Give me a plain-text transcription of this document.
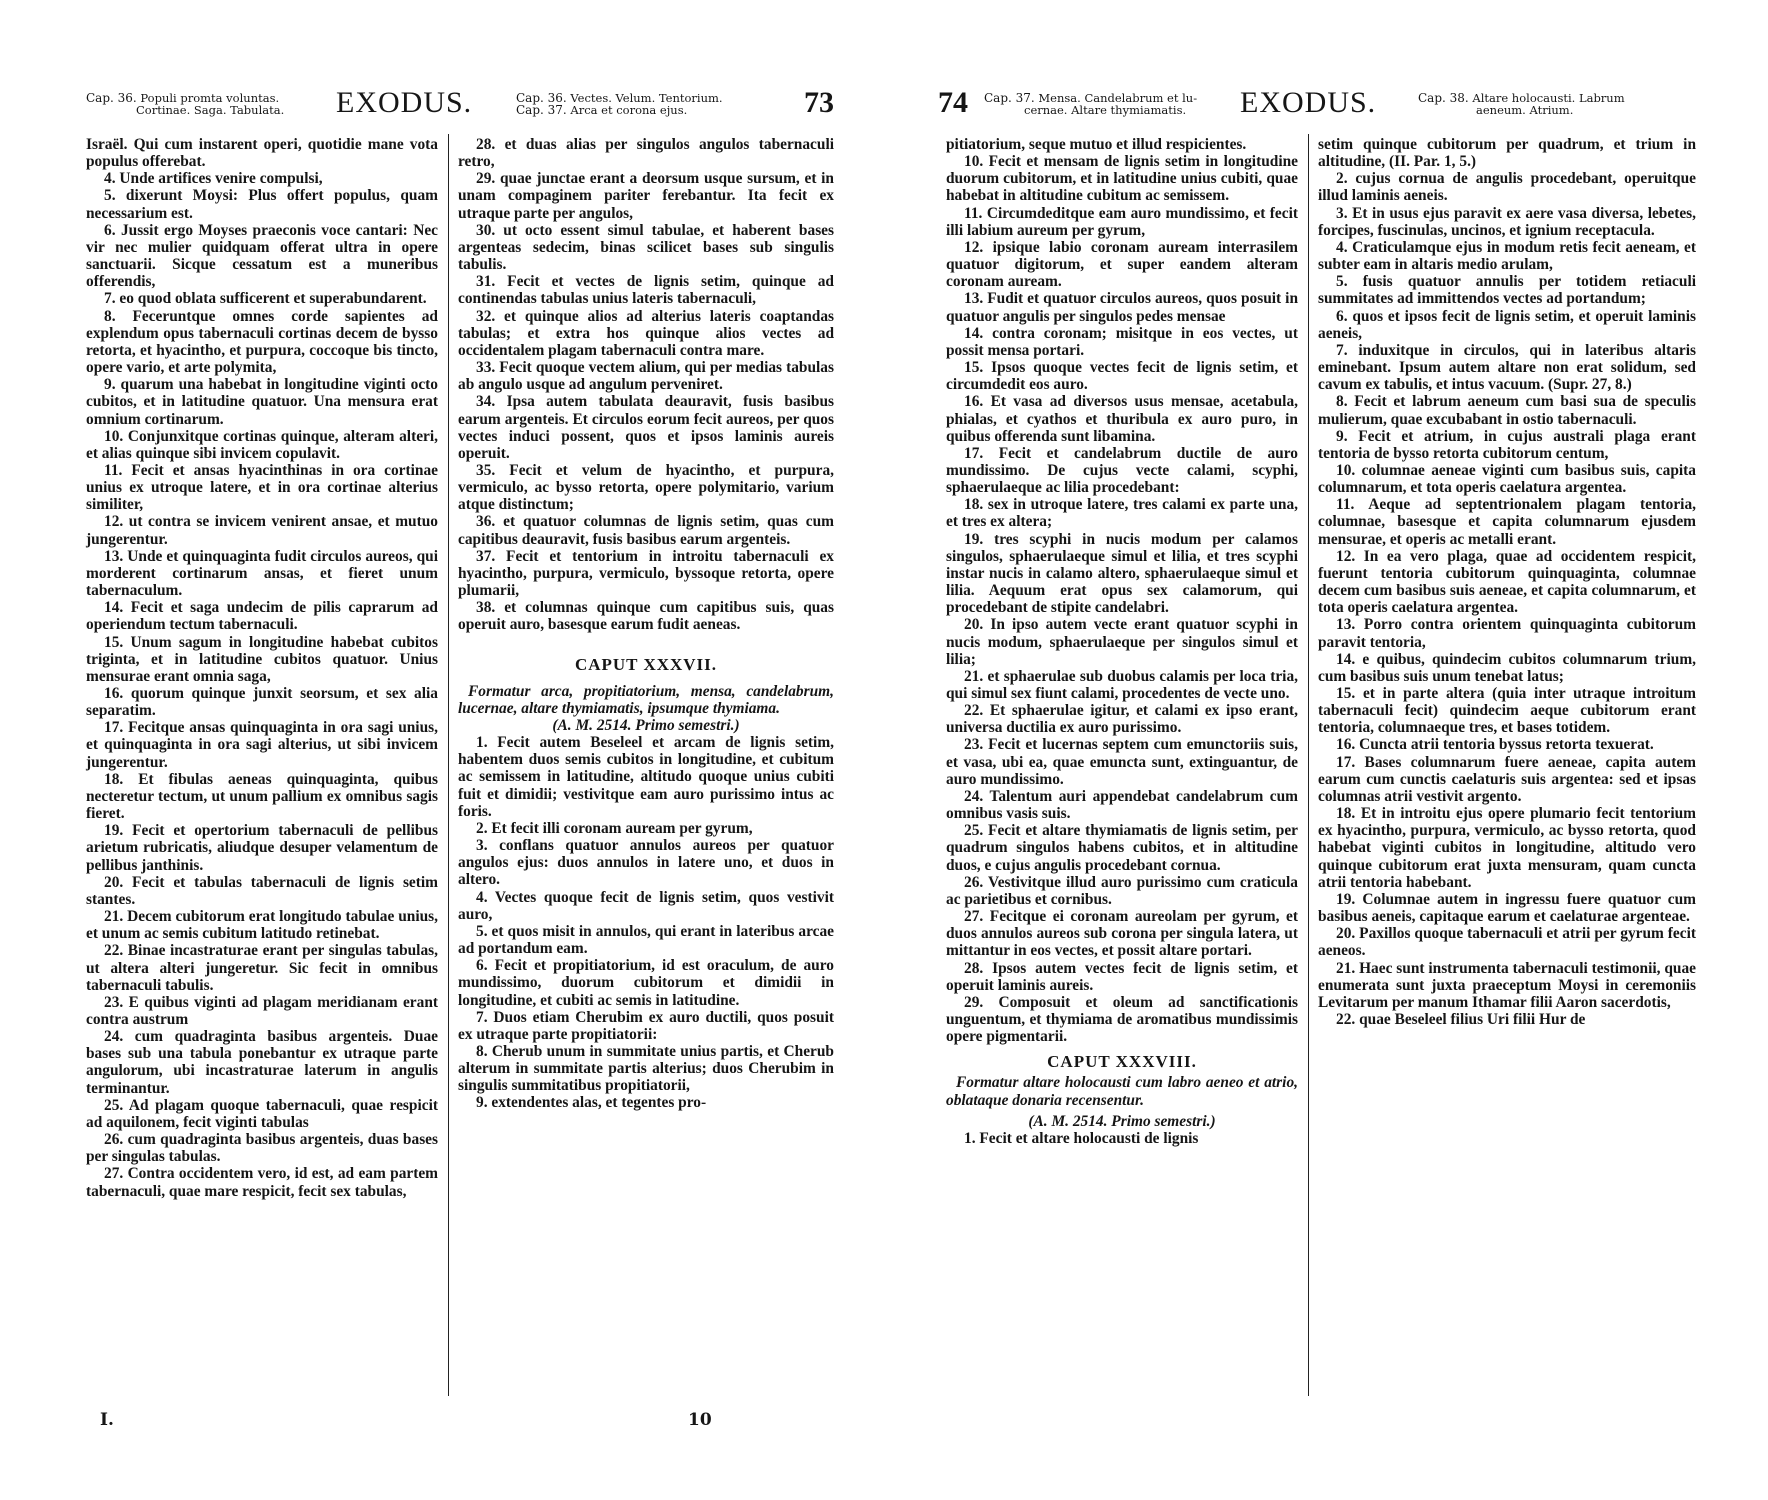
Cap. 36. Populi promta voluntas.
Cortinae. Saga. Tabulata. EXODUS.	Cap. 36. Vectes. Velum. Tentorium.
Cap. 37. Arca et corona ejus.	73

Israël. Qui cum instarent operi, quotidie mane vota populus offerebat.

4. Unde artifices venire compulsi,

5. dixerunt Moysi: Plus offert populus, quam necessarium est.

6. Jussit ergo Moyses praeconis voce cantari: Nec vir nec mulier quidquam offerat ultra in opere sanctuarii. Sicque cessatum est a muneribus offerendis,

7. eo quod oblata sufficerent et superabundarent.

8. Feceruntque omnes corde sapientes ad explendum opus tabernaculi cortinas decem de bysso retorta, et hyacintho, et purpura, coccoque bis tincto, opere vario, et arte polymita,

9. quarum una habebat in longitudine viginti octo cubitos, et in latitudine quatuor. Una mensura erat omnium cortinarum.

10. Conjunxitque cortinas quinque, alteram alteri, et alias quinque sibi invicem copulavit.

11. Fecit et ansas hyacinthinas in ora cortinae unius ex utroque latere, et in ora cortinae alterius similiter,

12. ut contra se invicem venirent ansae, et mutuo jungerentur.

13. Unde et quinquaginta fudit circulos aureos, qui morderent cortinarum ansas, et fieret unum tabernaculum.

14. Fecit et saga undecim de pilis caprarum ad operiendum tectum tabernaculi.

15. Unum sagum in longitudine habebat cubitos triginta, et in latitudine cubitos quatuor. Unius mensurae erant omnia saga,

16. quorum quinque junxit seorsum, et sex alia separatim.

17. Fecitque ansas quinquaginta in ora sagi unius, et quinquaginta in ora sagi alterius, ut sibi invicem jungerentur.

18. Et fibulas aeneas quinquaginta, quibus necteretur tectum, ut unum pallium ex omnibus sagis fieret.

19. Fecit et opertorium tabernaculi de pellibus arietum rubricatis, aliudque desuper velamentum de pellibus janthinis.

20. Fecit et tabulas tabernaculi de lignis setim stantes.

21. Decem cubitorum erat longitudo tabulae unius, et unum ac semis cubitum latitudo retinebat.

22. Binae incastraturae erant per singulas tabulas, ut altera alteri jungeretur. Sic fecit in omnibus tabernaculi tabulis.

23. E quibus viginti ad plagam meridianam erant contra austrum

24. cum quadraginta basibus argenteis. Duae bases sub una tabula ponebantur ex utraque parte angulorum, ubi incastraturae laterum in angulis terminantur.

25. Ad plagam quoque tabernaculi, quae respicit ad aquilonem, fecit viginti tabulas

26. cum quadraginta basibus argenteis, duas bases per singulas tabulas.

27. Contra occidentem vero, id est, ad eam partem tabernaculi, quae mare respicit, fecit sex tabulas,

28. et duas alias per singulos angulos tabernaculi retro,

29. quae junctae erant a deorsum usque sursum, et in unam compaginem pariter ferebantur. Ita fecit ex utraque parte per angulos,

30. ut octo essent simul tabulae, et haberent bases argenteas sedecim, binas scilicet bases sub singulis tabulis.

31. Fecit et vectes de lignis setim, quinque ad continendas tabulas unius lateris tabernaculi,

32. et quinque alios ad alterius lateris coaptandas tabulas; et extra hos quinque alios vectes ad occidentalem plagam tabernaculi contra mare.

33. Fecit quoque vectem alium, qui per medias tabulas ab angulo usque ad angulum perveniret.

34. Ipsa autem tabulata deauravit, fusis basibus earum argenteis. Et circulos eorum fecit aureos, per quos vectes induci possent, quos et ipsos laminis aureis operuit.

35. Fecit et velum de hyacintho, et purpura, vermiculo, ac bysso retorta, opere polymitario, varium atque distinctum;

36. et quatuor columnas de lignis setim, quas cum capitibus deauravit, fusis basibus earum argenteis.

37. Fecit et tentorium in introitu tabernaculi ex hyacintho, purpura, vermiculo, byssoque retorta, opere plumarii,

38. et columnas quinque cum capitibus suis, quas operuit auro, basesque earum fudit aeneas.

CAPUT XXXVII.

Formatur arca, propitiatorium, mensa, candelabrum, lucernae, altare thymiamatis, ipsumque thymiama.

(A. M. 2514. Primo semestri.)

1. Fecit autem Beseleel et arcam de lignis setim, habentem duos semis cubitos in longitudine, et cubitum ac semissem in latitudine, altitudo quoque unius cubiti fuit et dimidii; vestivitque eam auro purissimo intus ac foris.

2. Et fecit illi coronam auream per gyrum,

3. conflans quatuor annulos aureos per quatuor angulos ejus: duos annulos in latere uno, et duos in altero.

4. Vectes quoque fecit de lignis setim, quos vestivit auro,

5. et quos misit in annulos, qui erant in lateribus arcae ad portandum eam.

6. Fecit et propitiatorium, id est oraculum, de auro mundissimo, duorum cubitorum et dimidii in longitudine, et cubiti ac semis in latitudine.

7. Duos etiam Cherubim ex auro ductili, quos posuit ex utraque parte propitiatorii:

8. Cherub unum in summitate unius partis, et Cherub alterum in summitate partis alterius; duos Cherubim in singulis summitatibus propitiatorii,

9. extendentes alas, et tegentes pro-

I.	10
74 Cap. 37. Mensa. Candelabrum et lu-
cernae. Altare thymiamatis.	EXODUS.	Cap. 38. Altare holocausti. Labrum
aeneum. Atrium.

pitiatorium, seque mutuo et illud respicientes.

10. Fecit et mensam de lignis setim in longitudine duorum cubitorum, et in latitudine unius cubiti, quae habebat in altitudine cubitum ac semissem.

11. Circumdeditque eam auro mundissimo, et fecit illi labium aureum per gyrum,

12. ipsique labio coronam auream interrasilem quatuor digitorum, et super eandem alteram coronam auream.

13. Fudit et quatuor circulos aureos, quos posuit in quatuor angulis per singulos pedes mensae

14. contra coronam; misitque in eos vectes, ut possit mensa portari.

15. Ipsos quoque vectes fecit de lignis setim, et circumdedit eos auro.

16. Et vasa ad diversos usus mensae, acetabula, phialas, et cyathos et thuribula ex auro puro, in quibus offerenda sunt libamina.

17. Fecit et candelabrum ductile de auro mundissimo. De cujus vecte calami, scyphi, sphaerulaeque ac lilia procedebant:

18. sex in utroque latere, tres calami ex parte una, et tres ex altera;

19. tres scyphi in nucis modum per calamos singulos, sphaerulaeque simul et lilia, et tres scyphi instar nucis in calamo altero, sphaerulaeque simul et lilia. Aequum erat opus sex calamorum, qui procedebant de stipite candelabri.

20. In ipso autem vecte erant quatuor scyphi in nucis modum, sphaerulaeque per singulos simul et lilia;

21. et sphaerulae sub duobus calamis per loca tria, qui simul sex fiunt calami, procedentes de vecte uno.

22. Et sphaerulae igitur, et calami ex ipso erant, universa ductilia ex auro purissimo.

23. Fecit et lucernas septem cum emunctoriis suis, et vasa, ubi ea, quae emuncta sunt, extinguantur, de auro mundissimo.

24. Talentum auri appendebat candelabrum cum omnibus vasis suis.

25. Fecit et altare thymiamatis de lignis setim, per quadrum singulos habens cubitos, et in altitudine duos, e cujus angulis procedebant cornua.

26. Vestivitque illud auro purissimo cum craticula ac parietibus et cornibus.

27. Fecitque ei coronam aureolam per gyrum, et duos annulos aureos sub corona per singula latera, ut mittantur in eos vectes, et possit altare portari.

28. Ipsos autem vectes fecit de lignis setim, et operuit laminis aureis.

29. Composuit et oleum ad sanctificationis unguentum, et thymiama de aromatibus mundissimis opere pigmentarii.

CAPUT XXXVIII.

Formatur altare holocausti cum labro aeneo et atrio, oblataque donaria recensentur.

(A. M. 2514. Primo semestri.)

1. Fecit et altare holocausti de lignis

setim quinque cubitorum per quadrum, et trium in altitudine, (II. Par. 1, 5.)

2. cujus cornua de angulis procedebant, operuitque illud laminis aeneis.

3. Et in usus ejus paravit ex aere vasa diversa, lebetes, forcipes, fuscinulas, uncinos, et ignium receptacula.

4. Craticulamque ejus in modum retis fecit aeneam, et subter eam in altaris medio arulam,

5. fusis quatuor annulis per totidem retiaculi summitates ad immittendos vectes ad portandum;

6. quos et ipsos fecit de lignis setim, et operuit laminis aeneis,

7. induxitque in circulos, qui in lateribus altaris eminebant. Ipsum autem altare non erat solidum, sed cavum ex tabulis, et intus vacuum. (Supr. 27, 8.)

8. Fecit et labrum aeneum cum basi sua de speculis mulierum, quae excubabant in ostio tabernaculi.

9. Fecit et atrium, in cujus australi plaga erant tentoria de bysso retorta cubitorum centum,

10. columnae aeneae viginti cum basibus suis, capita columnarum, et tota operis caelatura argentea.

11. Aeque ad septentrionalem plagam tentoria, columnae, basesque et capita columnarum ejusdem mensurae, et operis ac metalli erant.

12. In ea vero plaga, quae ad occidentem respicit, fuerunt tentoria cubitorum quinquaginta, columnae decem cum basibus suis aeneae, et capita columnarum, et tota operis caelatura argentea.

13. Porro contra orientem quinquaginta cubitorum paravit tentoria,

14. e quibus, quindecim cubitos columnarum trium, cum basibus suis unum tenebat latus;

15. et in parte altera (quia inter utraque introitum tabernaculi fecit) quindecim aeque cubitorum erant tentoria, columnaeque tres, et bases totidem.

16. Cuncta atrii tentoria byssus retorta texuerat.

17. Bases columnarum fuere aeneae, capita autem earum cum cunctis caelaturis suis argentea: sed et ipsas columnas atrii vestivit argento.

18. Et in introitu ejus opere plumario fecit tentorium ex hyacintho, purpura, vermiculo, ac bysso retorta, quod habebat viginti cubitos in longitudine, altitudo vero quinque cubitorum erat juxta mensuram, quam cuncta atrii tentoria habebant.

19. Columnae autem in ingressu fuere quatuor cum basibus aeneis, capitaque earum et caelaturae argenteae.

20. Paxillos quoque tabernaculi et atrii per gyrum fecit aeneos.

21. Haec sunt instrumenta tabernaculi testimonii, quae enumerata sunt juxta praeceptum Moysi in ceremoniis Levitarum per manum Ithamar filii Aaron sacerdotis,

22. quae Beseleel filius Uri filii Hur de
